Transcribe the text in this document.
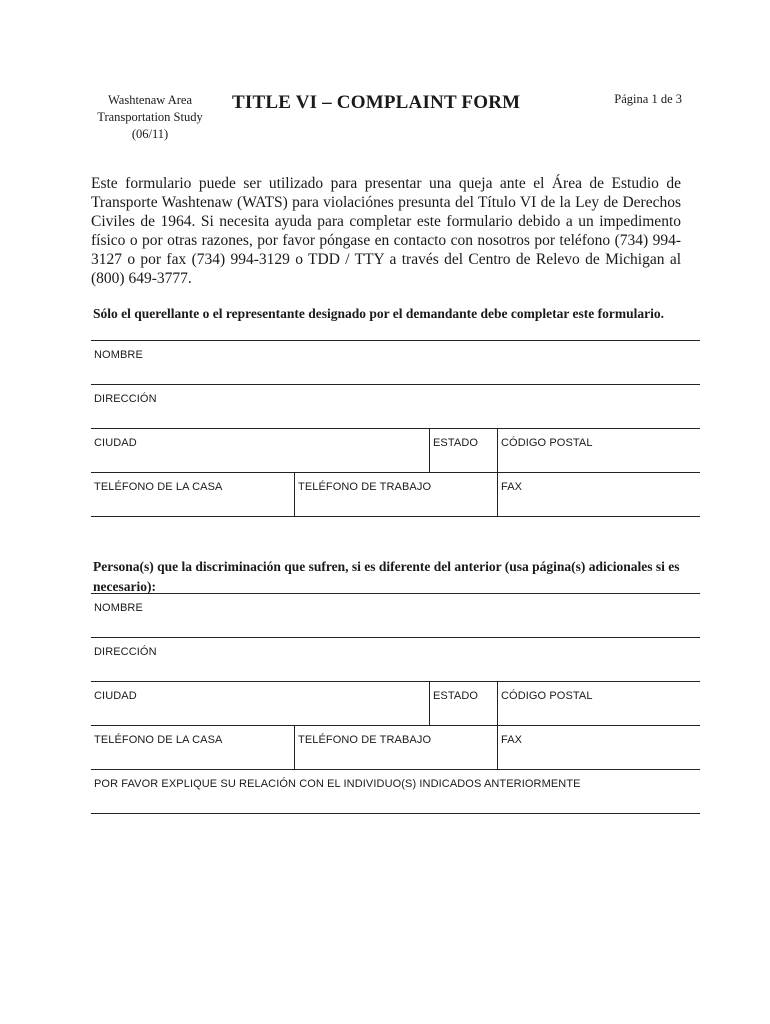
Washtenaw Area
Transportation Study
(06/11)
TITLE VI – COMPLAINT FORM	Página 1 de 3
Este formulario puede ser utilizado para presentar una queja ante el Área de Estudio de Transporte Washtenaw (WATS) para violaciónes presunta del Título VI de la Ley de Derechos Civiles de 1964. Si necesita ayuda para completar este formulario debido a un impedimento físico o por otras razones, por favor póngase en contacto con nosotros por teléfono (734) 994-3127 o por fax (734) 994-3129 o TDD / TTY a través del Centro de Relevo de Michigan al (800) 649-3777.
Sólo el querellante o el representante designado por el demandante debe completar este formulario.
NOMBRE
DIRECCIÓN
CIUDAD	ESTADO	CÓDIGO POSTAL
TELÉFONO DE LA CASA	TELÉFONO DE TRABAJO	FAX
Persona(s) que la discriminación que sufren, si es diferente del anterior (usa página(s) adicionales si es necesario):
NOMBRE
DIRECCIÓN
CIUDAD	ESTADO	CÓDIGO POSTAL
TELÉFONO DE LA CASA	TELÉFONO DE TRABAJO	FAX
POR FAVOR EXPLIQUE SU RELACIÓN CON EL INDIVIDUO(S) INDICADOS ANTERIORMENTE
